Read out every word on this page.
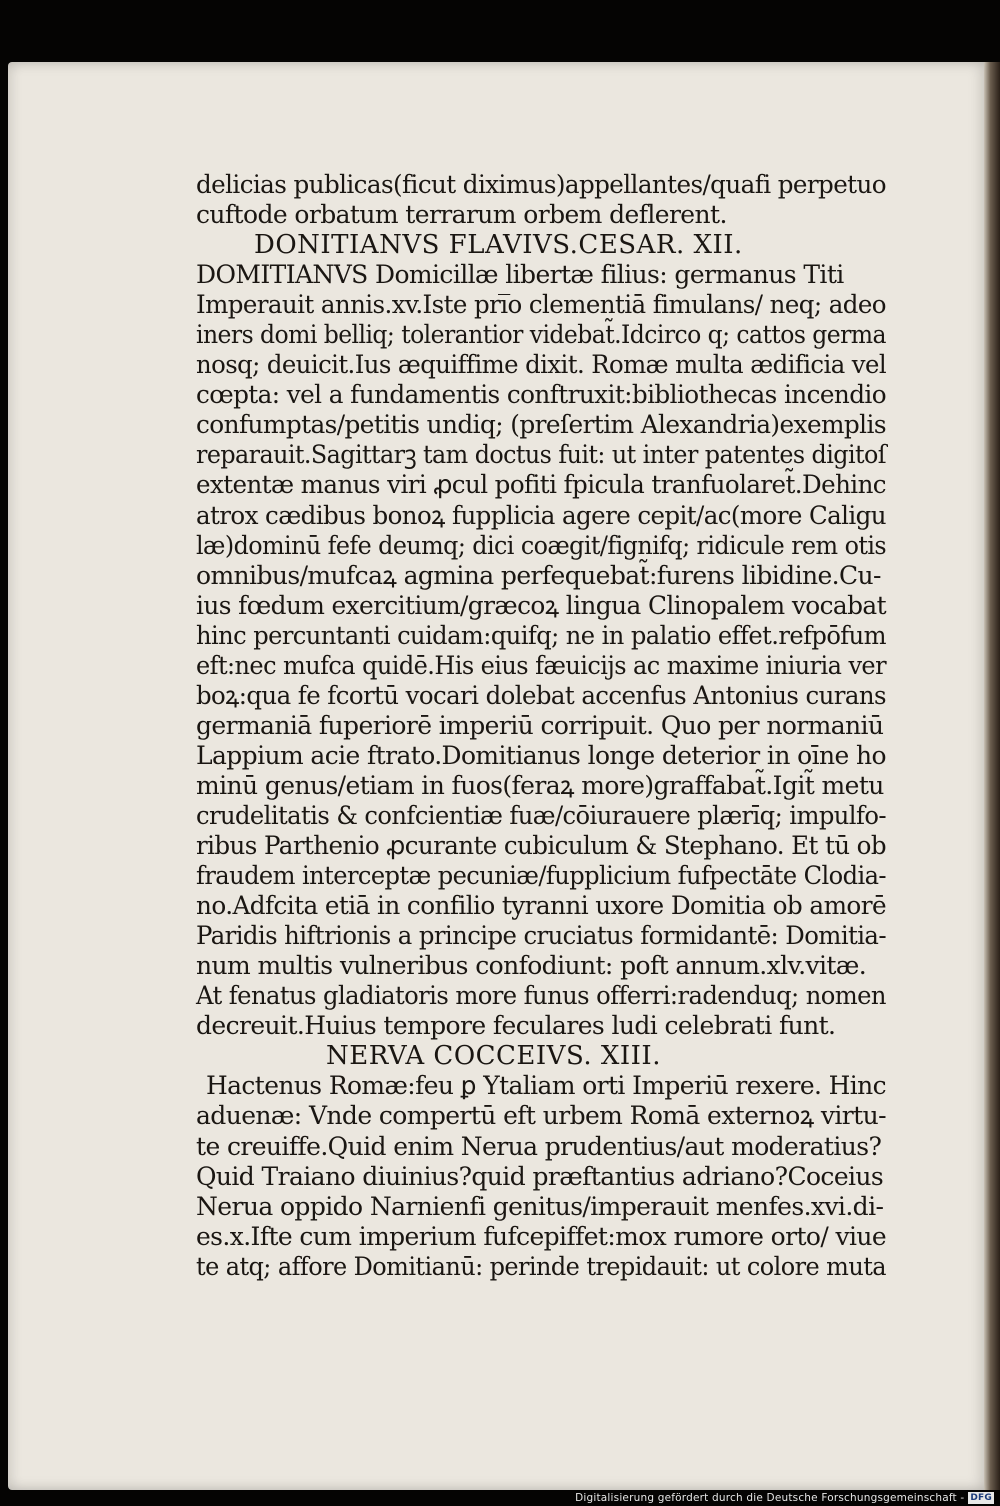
delicias publicas(ficut diximus)appellantes/quafi perpetuo
cuftode orbatum terrarum orbem deflerent.
DONITIANVS FLAVIVS.CESAR. XII.
DOMITIANVS Domicillæ libertæ filius: germanus Titi
Imperauit annis.xv.Iste pri̅o clementiā fimulans/ neq; adeo
iners domi belliq; tolerantior videbat̃.Idcirco q; cattos germa
nosq; deuicit.Ius æquiffime dixit. Romæ multa ædificia vel
cœpta: vel a fundamentis conftruxit:bibliothecas incendio
confumptas/petitis undiq; (preſertim Alexandria)exemplis
reparauit.Sagittarꝫ tam doctus fuit: ut inter patentes digitoſ
extentæ manus viri ꝓcul pofiti fpicula tranfuolaret̃.Dehinc
atrox cædibus bonoꝝ fupplicia agere cepit/ac(more Caligu
læ)dominū fefe deumq; dici coægit/fignifq; ridicule rem otis
omnibus/mufcaꝝ agmina perfequebat̃:furens libidine.Cu-
ius fœdum exercitium/græcoꝝ lingua Clinopalem vocabat
hinc percuntanti cuidam:quifq; ne in palatio effet.refpōfum
eft:nec mufca quidē.His eius fæuicijs ac maxime iniuria ver
boꝝ:qua fe fcortū vocari dolebat accenfus Antonius curans
germaniā fuperiorē imperiū corripuit. Quo per normaniū
Lappium acie ftrato.Domitianus longe deterior in oīne ho
minū genus/etiam in fuos(feraꝝ more)graffabat̃.Igit̃ metu
crudelitatis & confcientiæ fuæ/cōiurauere plærīq; impulfo-
ribus Parthenio ꝓcurante cubiculum & Stephano. Et tū ob
fraudem interceptæ pecuniæ/fupplicium fufpectāte Clodia-
no.Adfcita etiā in confilio tyranni uxore Domitia ob amorē
Paridis hiftrionis a principe cruciatus formidantē: Domitia-
num multis vulneribus confodiunt: poft annum.xlv.vitæ.
At fenatus gladiatoris more funus offerri:radenduq; nomen
decreuit.Huius tempore feculares ludi celebrati funt.
NERVA COCCEIVS. XIII.
Hactenus Romæ:feu ꝑ Ytaliam orti Imperiū rexere. Hinc
aduenæ: Vnde compertū eft urbem Romā externoꝝ virtu-
te creuiffe.Quid enim Nerua prudentius/aut moderatius?
Quid Traiano diuinius?quid præftantius adriano?Coceius
Nerua oppido Narnienfi genitus/imperauit menfes.xvi.di-
es.x.Ifte cum imperium fufcepiffet:mox rumore orto/ viue
te atq; affore Domitianū: perinde trepidauit: ut colore muta
Digitalisierung gefördert durch die Deutsche Forschungsgemeinschaft - DFG
